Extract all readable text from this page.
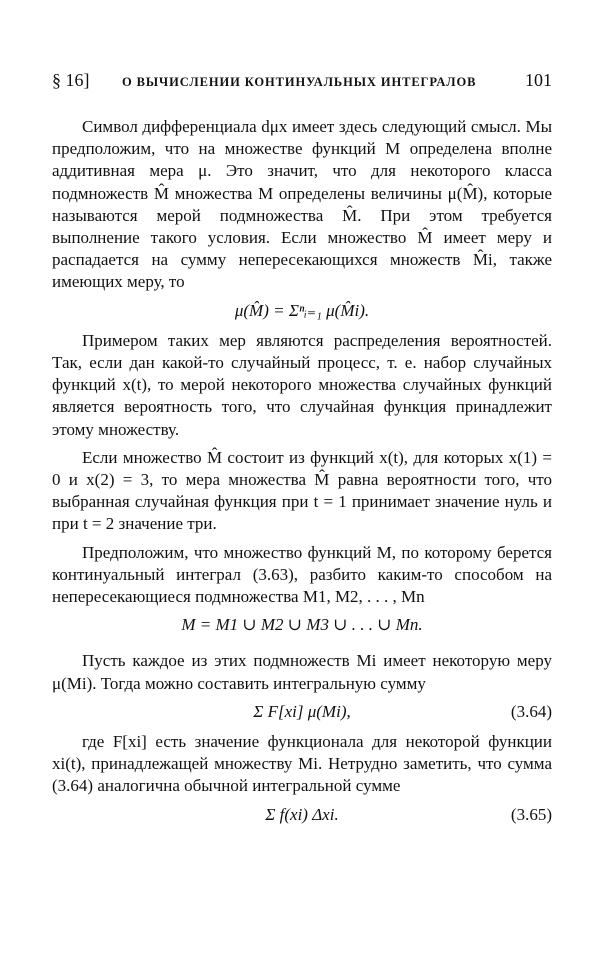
§ 16]	О ВЫЧИСЛЕНИИ КОНТИНУАЛЬНЫХ ИНТЕГРАЛОВ	101

Символ дифференциала dμx имеет здесь следующий смысл. Мы предположим, что на множестве функций M определена вполне аддитивная мера μ. Это значит, что для некоторого класса подмножеств M̂ множества M определены величины μ(M̂), которые называются мерой подмножества M̂. При этом требуется выполнение такого условия. Если множество M̂ имеет меру и распадается на сумму непересекающихся множеств M̂i, также имеющих меру, то

μ(M̂) = Σⁿᵢ₌₁ μ(M̂i).

Примером таких мер являются распределения вероятностей. Так, если дан какой-то случайный процесс, т. е. набор случайных функций x(t), то мерой некоторого множества случайных функций является вероятность того, что случайная функция принадлежит этому множеству.

Если множество M̂ состоит из функций x(t), для которых x(1) = 0 и x(2) = 3, то мера множества M̂ равна вероятности того, что выбранная случайная функция при t = 1 принимает значение нуль и при t = 2 значение три.

Предположим, что множество функций M, по которому берется континуальный интеграл (3.63), разбито каким-то способом на непересекающиеся подмножества M1, M2, . . . , Mn

M = M1 ∪ M2 ∪ M3 ∪ . . . ∪ Mn.

Пусть каждое из этих подмножеств Mi имеет некоторую меру μ(Mi). Тогда можно составить интегральную сумму

Σ F[xi] μ(Mi),	(3.64)

где F[xi] есть значение функционала для некоторой функции xi(t), принадлежащей множеству Mi. Нетрудно заметить, что сумма (3.64) аналогична обычной интегральной сумме

Σ f(xi) Δxi.	(3.65)
